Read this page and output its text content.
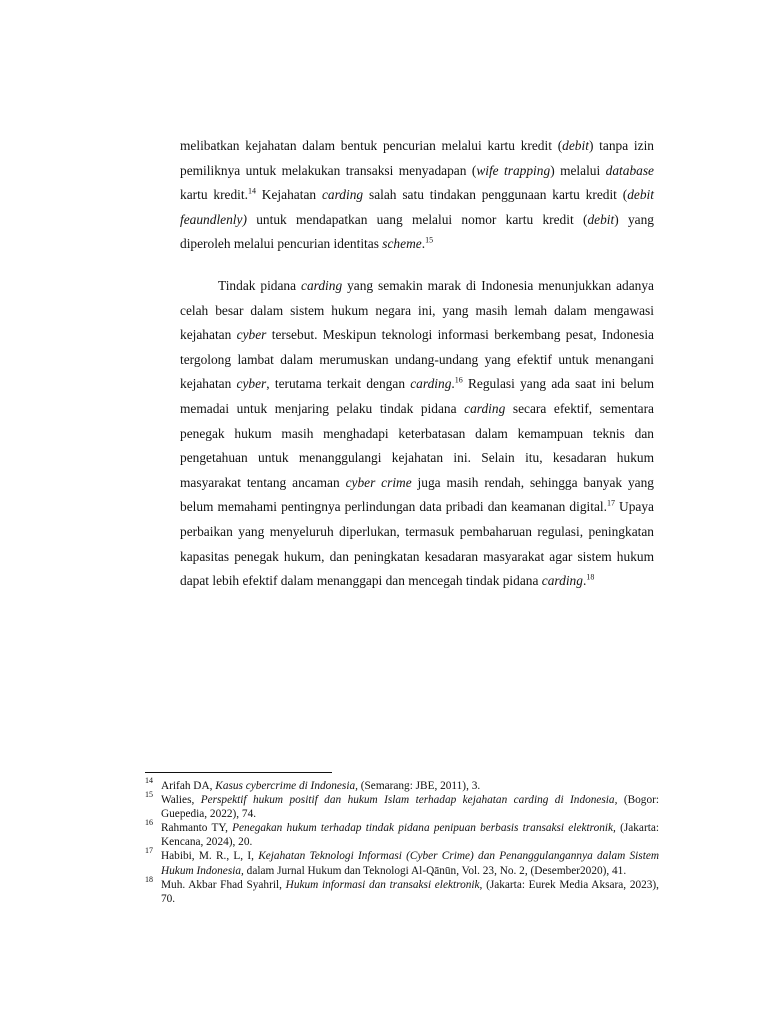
melibatkan kejahatan dalam bentuk pencurian melalui kartu kredit (debit) tanpa izin pemiliknya untuk melakukan transaksi menyadapan (wife trapping) melalui database kartu kredit.$^{14}$ Kejahatan carding salah satu tindakan penggunaan kartu kredit (debit feaundlenly) untuk mendapatkan uang melalui nomor kartu kredit (debit) yang diperoleh melalui pencurian identitas scheme.$^{15}$

Tindak pidana carding yang semakin marak di Indonesia menunjukkan adanya celah besar dalam sistem hukum negara ini, yang masih lemah dalam mengawasi kejahatan cyber tersebut. Meskipun teknologi informasi berkembang pesat, Indonesia tergolong lambat dalam merumuskan undang-undang yang efektif untuk menangani kejahatan cyber, terutama terkait dengan carding.$^{16}$ Regulasi yang ada saat ini belum memadai untuk menjaring pelaku tindak pidana carding secara efektif, sementara penegak hukum masih menghadapi keterbatasan dalam kemampuan teknis dan pengetahuan untuk menanggulangi kejahatan ini. Selain itu, kesadaran hukum masyarakat tentang ancaman cyber crime juga masih rendah, sehingga banyak yang belum memahami pentingnya perlindungan data pribadi dan keamanan digital.$^{17}$ Upaya perbaikan yang menyeluruh diperlukan, termasuk pembaharuan regulasi, peningkatan kapasitas penegak hukum, dan peningkatan kesadaran masyarakat agar sistem hukum dapat lebih efektif dalam menanggapi dan mencegah tindak pidana carding.$^{18}$

14 Arifah DA, Kasus cybercrime di Indonesia, (Semarang: JBE, 2011), 3.
15 Walies, Perspektif hukum positif dan hukum Islam terhadap kejahatan carding di Indonesia, (Bogor: Guepedia, 2022), 74.
16 Rahmanto TY, Penegakan hukum terhadap tindak pidana penipuan berbasis transaksi elektronik, (Jakarta: Kencana, 2024), 20.
17 Habibi, M. R., L, I, Kejahatan Teknologi Informasi (Cyber Crime) dan Penanggulangannya dalam Sistem Hukum Indonesia, dalam Jurnal Hukum dan Teknologi Al-Qānūn, Vol. 23, No. 2, (Desember2020), 41.
18 Muh. Akbar Fhad Syahril, Hukum informasi dan transaksi elektronik, (Jakarta: Eurek Media Aksara, 2023), 70.
